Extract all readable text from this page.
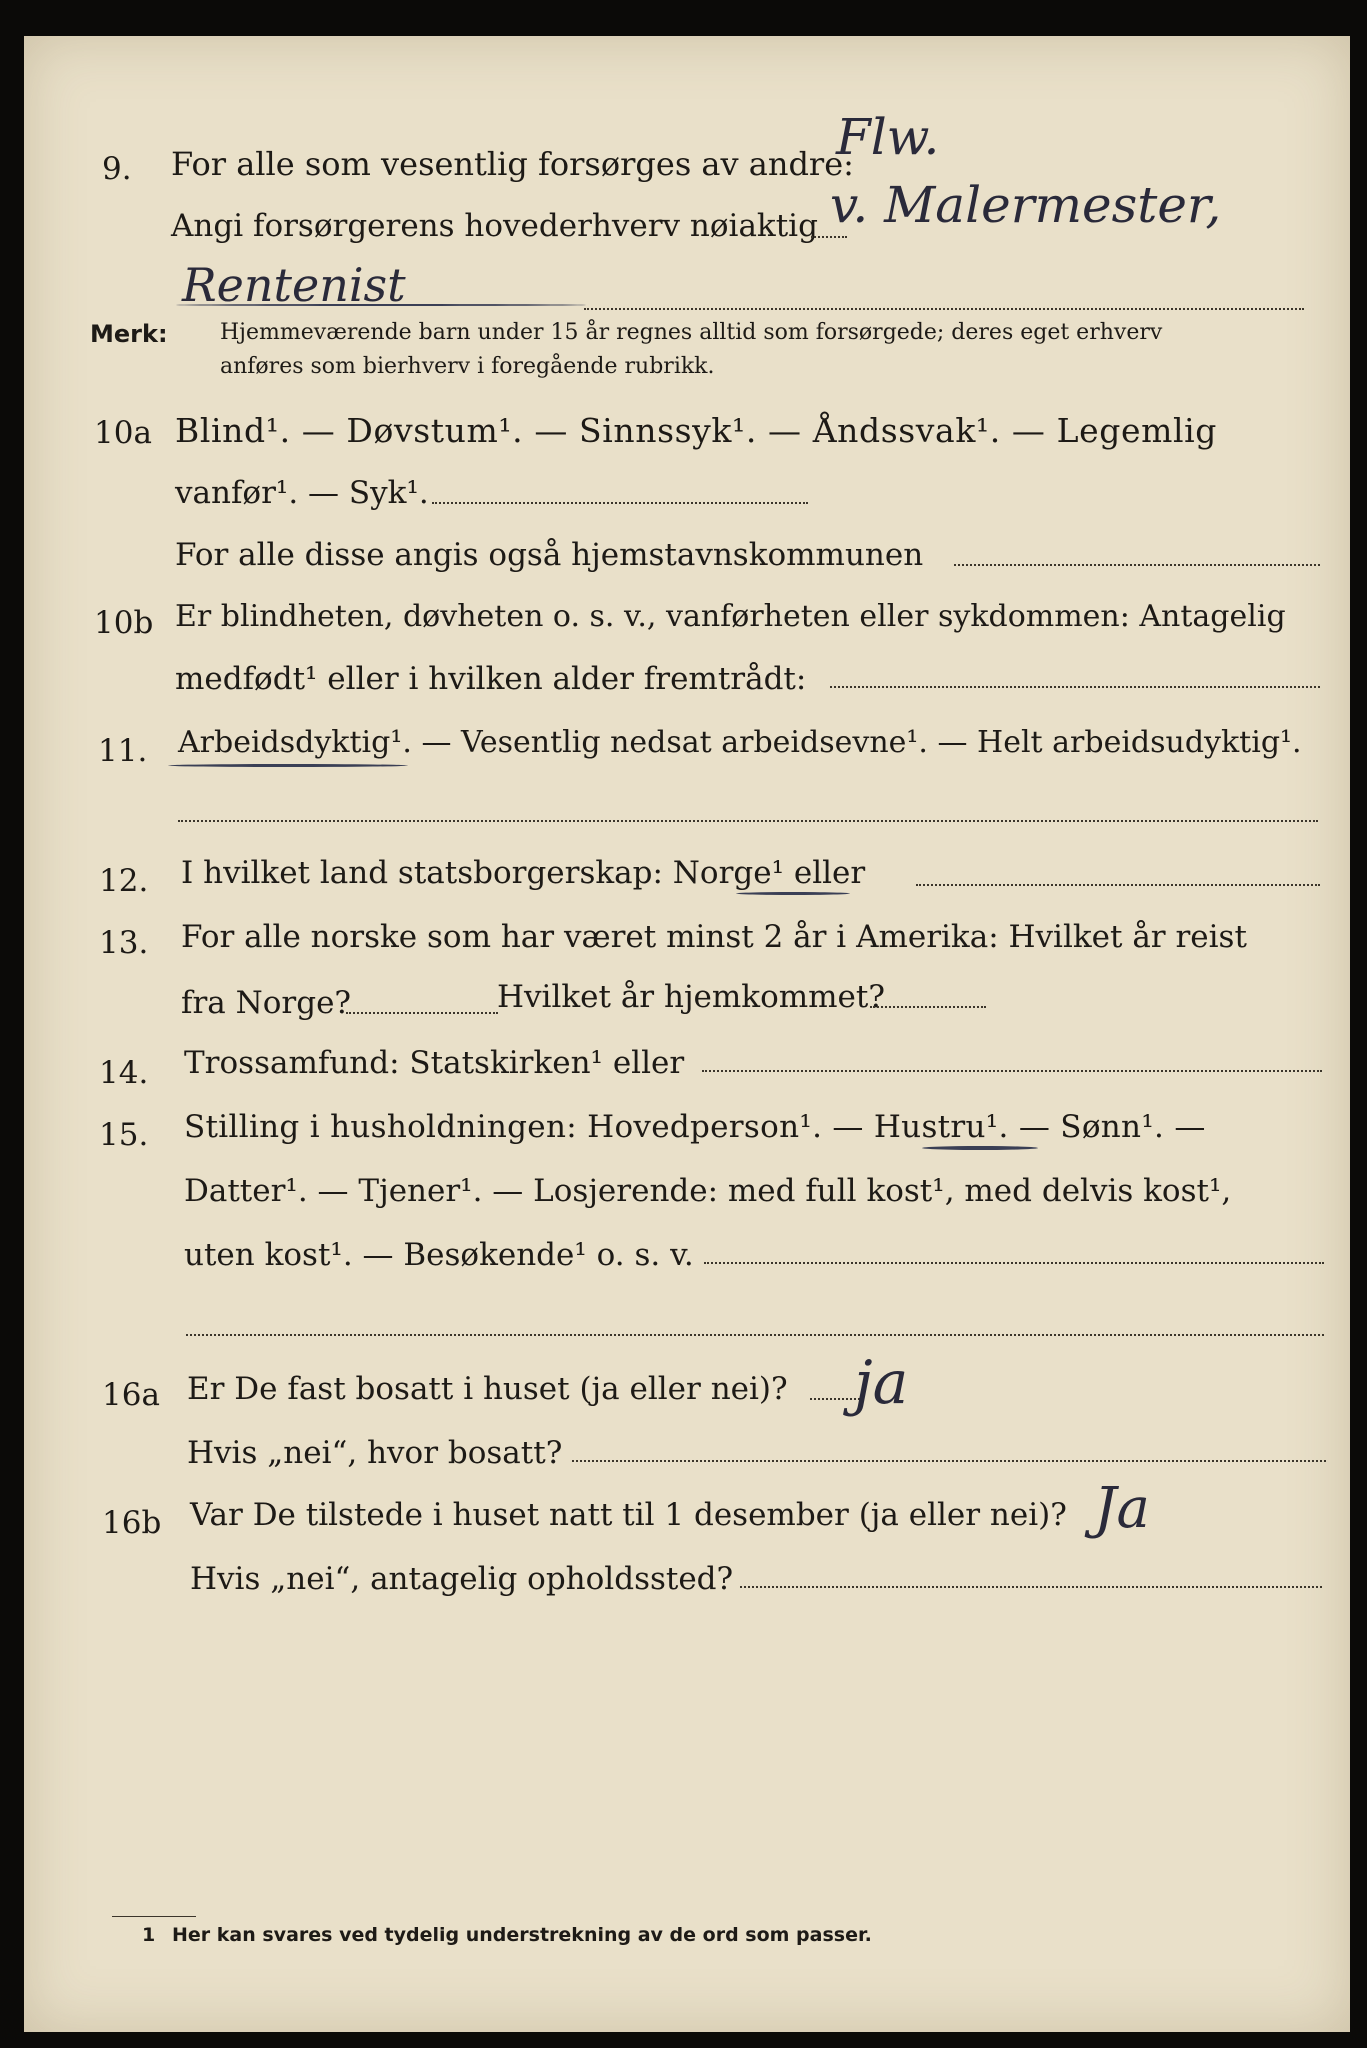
9. For alle som vesentlig forsørges av andre:
Flw.
Angi forsørgerens hovederhverv nøiaktig v. Malermester,
Rentenist
Merk: Hjemmeværende barn under 15 år regnes alltid som forsørgede; deres eget erhverv
anføres som bierhverv i foregående rubrikk.
10a Blind¹. — Døvstum¹. — Sinnssyk¹. — Åndssvak¹. — Legemlig
vanfør¹. — Syk¹.
For alle disse angis også hjemstavnskommunen
10b Er blindheten, døvheten o. s. v., vanførheten eller sykdommen: Antagelig
medfødt¹ eller i hvilken alder fremtrådt:
11. Arbeidsdyktig¹. — Vesentlig nedsat arbeidsevne¹. — Helt arbeidsudyktig¹.
12. I hvilket land statsborgerskap: Norge¹ eller
13. For alle norske som har været minst 2 år i Amerika: Hvilket år reist
fra Norge?	Hvilket år hjemkommet?
14. Trossamfund: Statskirken¹ eller
15. Stilling i husholdningen: Hovedperson¹. — Hustru¹. — Sønn¹. —
Datter¹. — Tjener¹. — Losjerende: med full kost¹, med delvis kost¹,
uten kost¹. — Besøkende¹ o. s. v.
16a Er De fast bosatt i huset (ja eller nei)? ja
Hvis „nei“, hvor bosatt?
16b Var De tilstede i huset natt til 1 desember (ja eller nei)? Ja
Hvis „nei“, antagelig opholdssted?
1 Her kan svares ved tydelig understrekning av de ord som passer.
